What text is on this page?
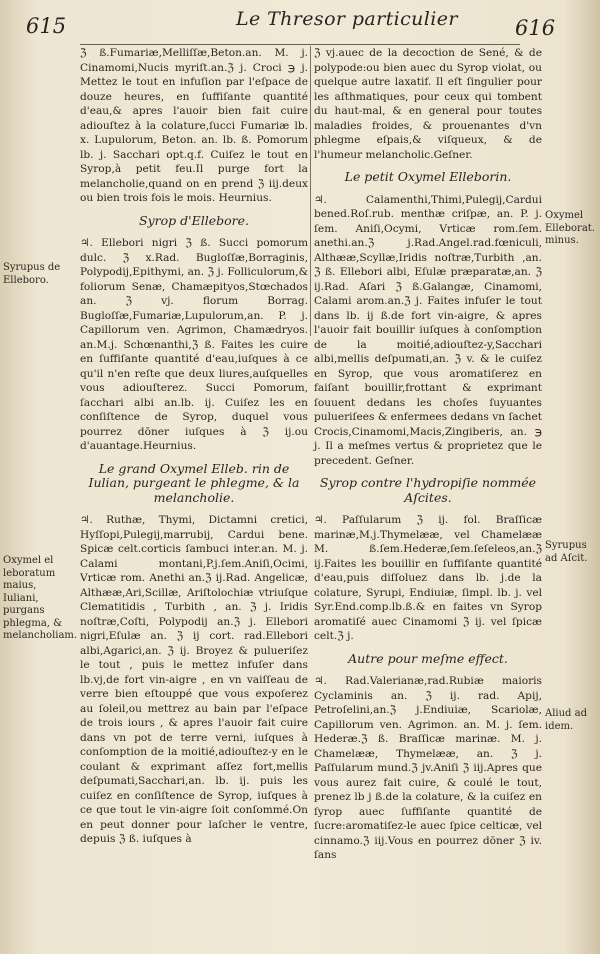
615	Le Thresor particulier	616

ℨ ß.Fumariæ,Melliſſæ,Beton.an. M. j. Cinamomi,Nucis myriſt.an.ℨ j. Croci ℈ j. Mettez le tout en infuſion par l'eſpace de douze heures, en ſuffiſante quantité d'eau,& apres l'auoir bien fait cuire adiouſtez à la colature,ſucci Fumariæ lb. x. Lupulorum, Beton. an. lb. ß. Pomorum lb. j. Sacchari opt.q.f. Cuiſez le tout en Syrop,à petit feu.Il purge fort la melancholie,quand on en prend ℨ iij.deux ou bien trois fois le mois. Heurnius.

Syrop d'Ellebore.

♃. Ellebori nigri ℨ ß. Succi pomorum dulc. ℨ x.Rad. Bugloſſæ,Borraginis, Polypodij,Epithymi, an. ℨ j. Folliculorum,& foliorum Senæ, Chamæpityos,Stœchados an. ℨ vj. florum Borrag. Bugloſſæ,Fumariæ,Lupulorum,an. P. j. Capillorum ven. Agrimon, Chamædryos. an.M.j. Schœnanthi,ℨ ß. Faites les cuire en ſuffiſante quantité d'eau,iuſques à ce qu'il n'en reſte que deux liures,auſquelles vous adiouſterez. Succi Pomorum, ſacchari albi an.lb. ij. Cuiſez les en conſiſtence de Syrop, duquel vous pourrez dōner iuſques à ℨ ij.ou d'auantage.Heurnius.

Le grand Oxymel Elleb. rin de Iulian, purgeant le phlegme, & la melancholie.

♃. Ruthæ, Thymi, Dictamni cretici, Hyſſopi,Pulegij,marrubij, Cardui bene. Spicæ celt.corticis ſambuci inter.an. M. j. Calami montani,P.j.ſem.Aniſi,Ocimi, Vrticæ rom. Anethi an.ℨ ij.Rad. Angelicæ, Althææ,Ari,Scillæ, Ariſtolochiæ vtriuſque Clematitidis , Turbith , an. ℨ j. Iridis noſtræ,Coſti, Polypodij an.ℨ j. Ellebori nigri,Eſulæ an. ℨ ij cort. rad.Ellebori albi,Agarici,an. ℨ ij. Broyez & pulueriſez le tout , puis le mettez infuſer dans lb.vj,de fort vin-aigre , en vn vaiſſeau de verre bien eſtouppé que vous expoſerez au ſoleil,ou mettrez au bain par l'eſpace de trois iours , & apres l'auoir fait cuire dans vn pot de terre verni, iuſques à conſomption de la moitié,adiouſtez-y en le coulant & exprimant aſſez fort,mellis deſpumati,Sacchari,an. lb. ij. puis les cuiſez en conſiſtence de Syrop, iuſques à ce que tout le vin-aigre ſoit conſommé.On en peut donner pour laſcher le ventre, depuis ℨ ß. iuſques à

ℨ vj.auec de la decoction de Sené, & de polypode:ou bien auec du Syrop violat, ou quelque autre laxatif. Il eſt ſingulier pour les aſthmatiques, pour ceux qui tombent du haut-mal, & en general pour toutes maladies froides, & prouenantes d'vn phlegme eſpais,& viſqueux, & de l'humeur melancholic.Geſner.

Le petit Oxymel Elleborin.

♃. Calamenthi,Thimi,Pulegij,Cardui bened.Roſ.rub. menthæ criſpæ, an. P. j. ſem. Aniſi,Ocymi, Vrticæ rom.ſem. anethi.an.ℨ j.Rad.Angel.rad.fœniculi, Althææ,Scyllæ,Iridis noſtræ,Turbith ,an. ℨ ß. Ellebori albi, Eſulæ præparatæ,an. ℨ ij.Rad. Aſari ℨ ß.Galangæ, Cinamomi, Calami arom.an.ℨ j. Faites infuſer le tout dans lb. ij ß.de fort vin-aigre, & apres l'auoir fait bouillir iuſques à conſomption de la moitié,adiouſtez-y,Sacchari albi,mellis deſpumati,an. ℨ v. & le cuiſez en Syrop, que vous aromatiſerez en faiſant bouillir,frottant & exprimant ſouuent dedans les choſes ſuyuantes pulueriſees & enfermees dedans vn ſachet Crocis,Cinamomi,Macis,Zingiberis, an. ℈ j. Il a meſmes vertus & proprietez que le precedent. Geſner.

Syrop contre l'hydropiſie nommée Aſcites.

♃. Paſſularum ℨ ij. fol. Braſſicæ marinæ,M.j.Thymelææ, vel Chamelææ M. ß.ſem.Hederæ,ſem.ſeſeleos,an.ℨ ij.Faites les bouillir en ſuffiſante quantité d'eau,puis diſſoluez dans lb. j.de la colature, Syrupi, Endiuiæ, ſimpl. lb. j. vel Syr.End.comp.lb.ß.& en faites vn Syrop aromatiſé auec Cinamomi ℨ ij. vel ſpicæ celt.ℨ j.

Autre pour meſme effect.

♃. Rad.Valerianæ,rad.Rubiæ maioris Cyclaminis an. ℨ ij. rad. Apij, Petroſelini,an.ℨ j.Endiuiæ, Scariolæ, Capillorum ven. Agrimon. an. M. j. ſem. Hederæ.ℨ ß. Braſſicæ marinæ. M. j. Chamelææ, Thymelææ, an. ℨ j. Paſſularum mund.ℨ jv.Aniſi ℨ iij.Apres que vous aurez fait cuire, & coulé le tout, prenez lb j ß.de la colature, & la cuiſez en ſyrop auec ſuffiſante quantité de ſucre:aromatiſez-le auec ſpice celticæ, vel cinnamo.ℨ iij.Vous en pourrez dōner ℨ iv. ſans

Syrupus de Elleboro.
Oxymel el leboratum maius, Iuliani, purgans phlegma, & melancholiam.
Oxymel Elleborat. minus.
Syrupus ad Aſcit.
Aliud ad idem.
